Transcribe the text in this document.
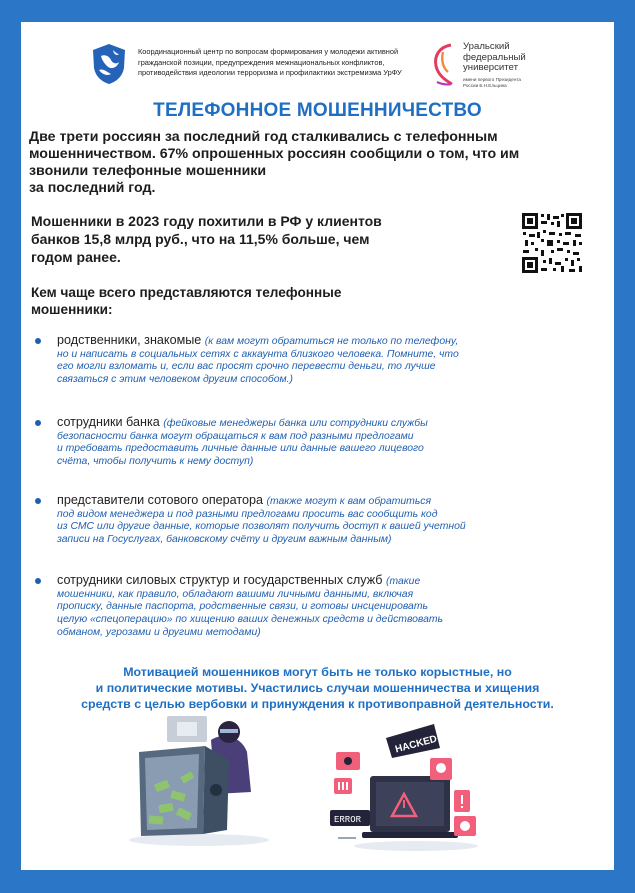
Координационный центр по вопросам формирования у молодежи активной
гражданской позиции, предупреждения межнациональных конфликтов,
противодействия идеологии терроризма и профилактики экстремизма УрФУ
Уральский
федеральный
университет
имени первого Президента
России Б.Н.Ельцина
ТЕЛЕФОННОЕ МОШЕННИЧЕСТВО
Две трети россиян за последний год сталкивались с телефонным
мошенничеством. 67% опрошенных россиян сообщили о том, что им
звонили телефонные мошенники
за последний год.
Мошенники в 2023 году похитили в РФ у клиентов
банков 15,8 млрд руб., что на 11,5% больше, чем
годом ранее.
Кем чаще всего представляются телефонные
мошенники:
родственники, знакомые (к вам могут обратиться не только по телефону,
но и написать в социальных сетях с аккаунта близкого человека. Помните, что
его могли взломать и, если вас просят срочно перевести деньги, то лучше
связаться с этим человеком другим способом.)
сотрудники банка (фейковые менеджеры банка или сотрудники службы
безопасности банка могут обращаться к вам под разными предлогами
и требовать предоставить личные данные или данные вашего лицевого
счёта, чтобы получить к нему доступ)
представители сотового оператора (также могут к вам обратиться
под видом менеджера и под разными предлогами просить вас сообщить код
из СМС или другие данные, которые позволят получить доступ к вашей учетной
записи на Госуслугах, банковскому счёту и другим важным данным)
сотрудники силовых структур и государственных служб (такие
мошенники, как правило, обладают вашими личными данными, включая
прописку, данные паспорта, родственные связи, и готовы инсценировать
целую «спецоперацию» по хищению ваших денежных средств и действовать
обманом, угрозами и другими методами)
Мотивацией мошенников могут быть не только корыстные, но
и политические мотивы. Участились случаи мошенничества и хищения
средств с целью вербовки и принуждения к противоправной деятельности.
HACKED
ERROR
